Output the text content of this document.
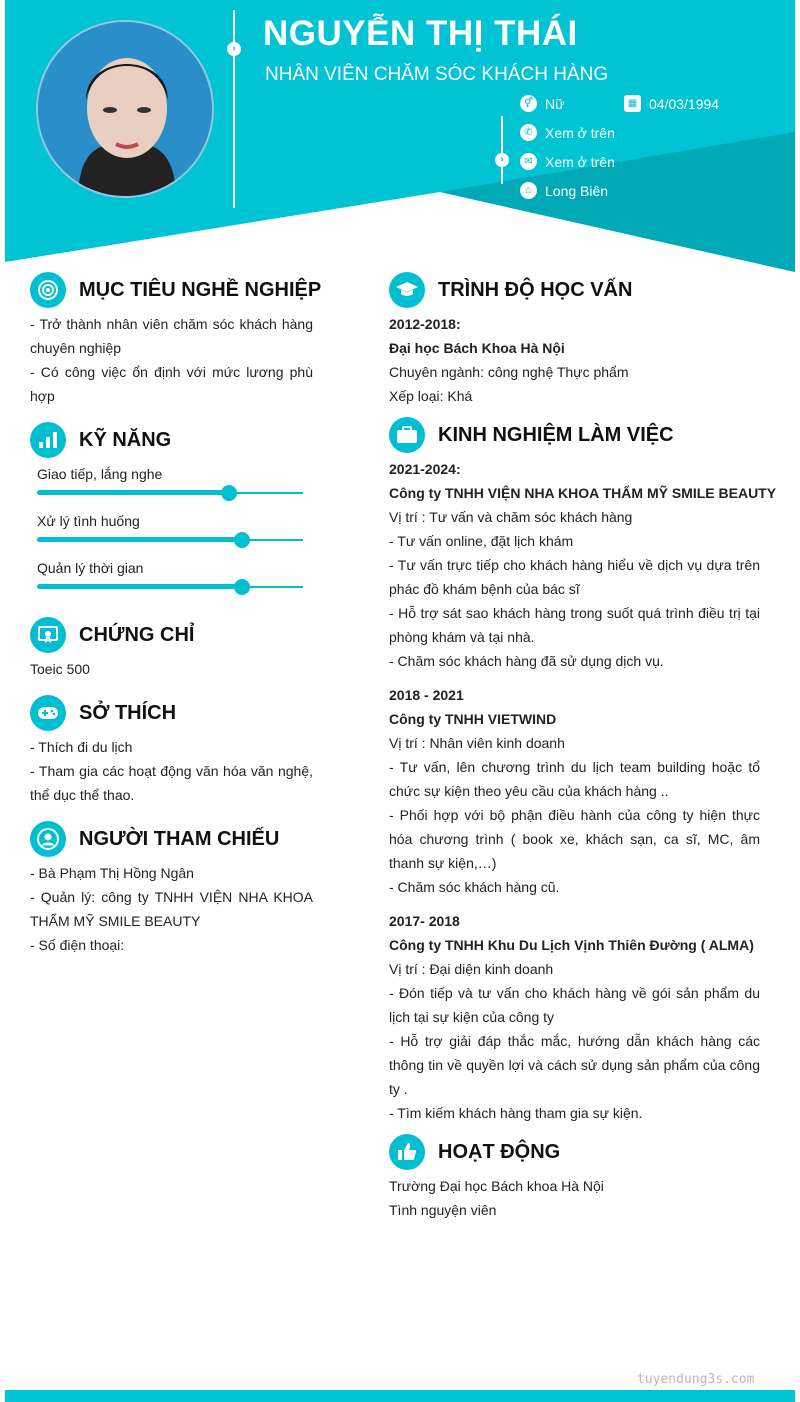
› NGUYỄN THỊ THÁI
NHÂN VIÊN CHĂM SÓC KHÁCH HÀNG
›
⚥ Nữ	▦ 04/03/1994
✆ Xem ở trên
✉ Xem ở trên
⌂ Long Biên
MỤC TIÊU NGHỀ NGHIỆP
- Trở thành nhân viên chăm sóc khách hàng chuyên nghiệp
- Có công việc ổn định với mức lương phù hợp
KỸ NĂNG
Giao tiếp, lắng nghe
Xử lý tình huống
Quản lý thời gian
CHỨNG CHỈ
Toeic 500
SỞ THÍCH
- Thích đi du lịch
- Tham gia các hoạt động văn hóa văn nghệ, thể dục thể thao.
NGƯỜI THAM CHIẾU
- Bà Phạm Thị Hồng Ngân
- Quản lý: công ty TNHH VIỆN NHA KHOA THẨM MỸ SMILE BEAUTY
- Số điện thoại:
TRÌNH ĐỘ HỌC VẤN
2012-2018:
Đại học Bách Khoa Hà Nội
Chuyên ngành: công nghệ Thực phẩm
Xếp loại: Khá
KINH NGHIỆM LÀM VIỆC
2021-2024:
Công ty TNHH VIỆN NHA KHOA THẨM MỸ SMILE BEAUTY
Vị trí : Tư vấn và chăm sóc khách hàng
- Tư vấn online, đặt lịch khám
- Tư vấn trực tiếp cho khách hàng hiểu về dịch vụ dựa trên phác đồ khám bệnh của bác sĩ
- Hỗ trợ sát sao khách hàng trong suốt quá trình điều trị tại phòng khám và tại nhà.
- Chăm sóc khách hàng đã sử dụng dịch vụ.
2018 - 2021
Công ty TNHH VIETWIND
Vị trí : Nhân viên kinh doanh
- Tư vấn, lên chương trình du lịch team building hoặc tổ chức sự kiện theo yêu cầu của khách hàng ..
- Phối hợp với bộ phận điều hành của công ty hiện thực hóa chương trình ( book xe, khách sạn, ca sĩ, MC, âm thanh sự kiện,…)
- Chăm sóc khách hàng cũ.
2017- 2018
Công ty TNHH Khu Du Lịch Vịnh Thiên Đường ( ALMA)
Vị trí : Đại diện kinh doanh
- Đón tiếp và tư vấn cho khách hàng về gói sản phẩm du lịch tại sự kiện của công ty
- Hỗ trợ giải đáp thắc mắc, hướng dẫn khách hàng các thông tin về quyền lợi và cách sử dụng sản phẩm của công ty .
- Tìm kiếm khách hàng tham gia sự kiện.
HOẠT ĐỘNG
Trường Đại học Bách khoa Hà Nội
Tình nguyện viên
tuyendung3s.com
